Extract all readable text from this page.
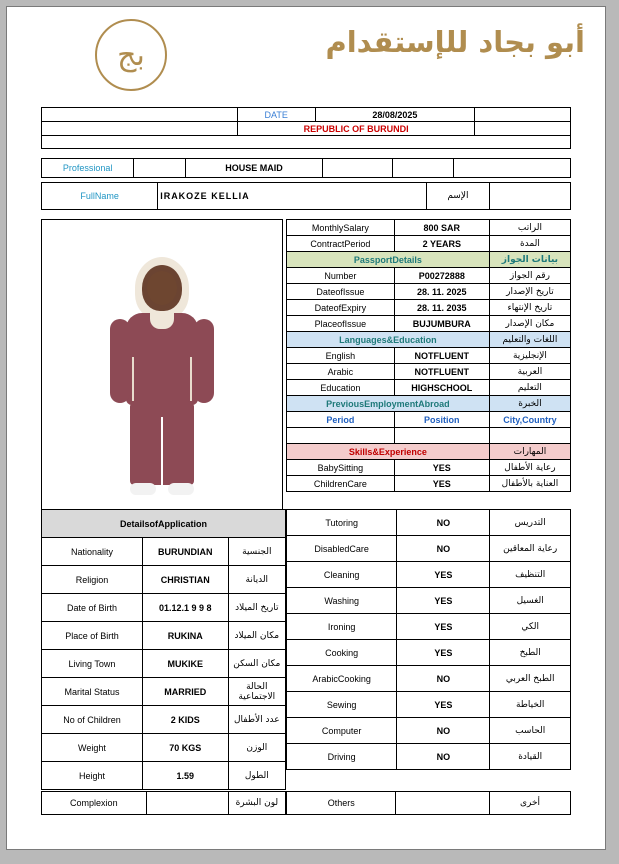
بج	أبو بجاد للإستقدام
	DATE	28/08/2025	
	REPUBLIC OF BURUNDI		

Professional		HOUSE MAID			
FullName	IRAKOZE KELLIA	الإسم	

MonthlySalary	800 SAR	الراتب
ContractPeriod	2 YEARS	المدة
PassportDetails	بيانات الجواز
Number	P00272888	رقم الجواز
DateofIssue	28. 11. 2025	تاريخ الإصدار
DateofExpiry	28. 11. 2035	تاريخ الإنتهاء
PlaceofIssue	BUJUMBURA	مكان الإصدار
Languages&Education	اللغات والتعليم
English	NOTFLUENT	الإنجليزية
Arabic	NOTFLUENT	العربية
Education	HIGHSCHOOL	التعليم
PreviousEmploymentAbroad	الخبرة
Period	Position	City,Country

Skills&Experience	المهارات
BabySitting	YES	رعاية الأطفال
ChildrenCare	YES	العناية بالأطفال
DetailsofApplication
Nationality	BURUNDIAN	الجنسية
Religion	CHRISTIAN	الديانة
Date of Birth	01.12.1 9 9 8	تاريخ الميلاد
Place of Birth	RUKINA	مكان الميلاد
Living Town	MUKIKE	مكان السكن
Marital Status	MARRIED	الحالة الاجتماعية
No of Children	2 KIDS	عدد الأطفال
Weight	70 KGS	الوزن
Height	1.59	الطول

Tutoring	NO	التدريس
DisabledCare	NO	رعاية المعاقين
Cleaning	YES	التنظيف
Washing	YES	الغسيل
Ironing	YES	الكي
Cooking	YES	الطبخ
ArabicCooking	NO	الطبخ العربي
Sewing	YES	الخياطة
Computer	NO	الحاسب
Driving	NO	القيادة
Complexion		لون البشرة
		Others		أخرى
